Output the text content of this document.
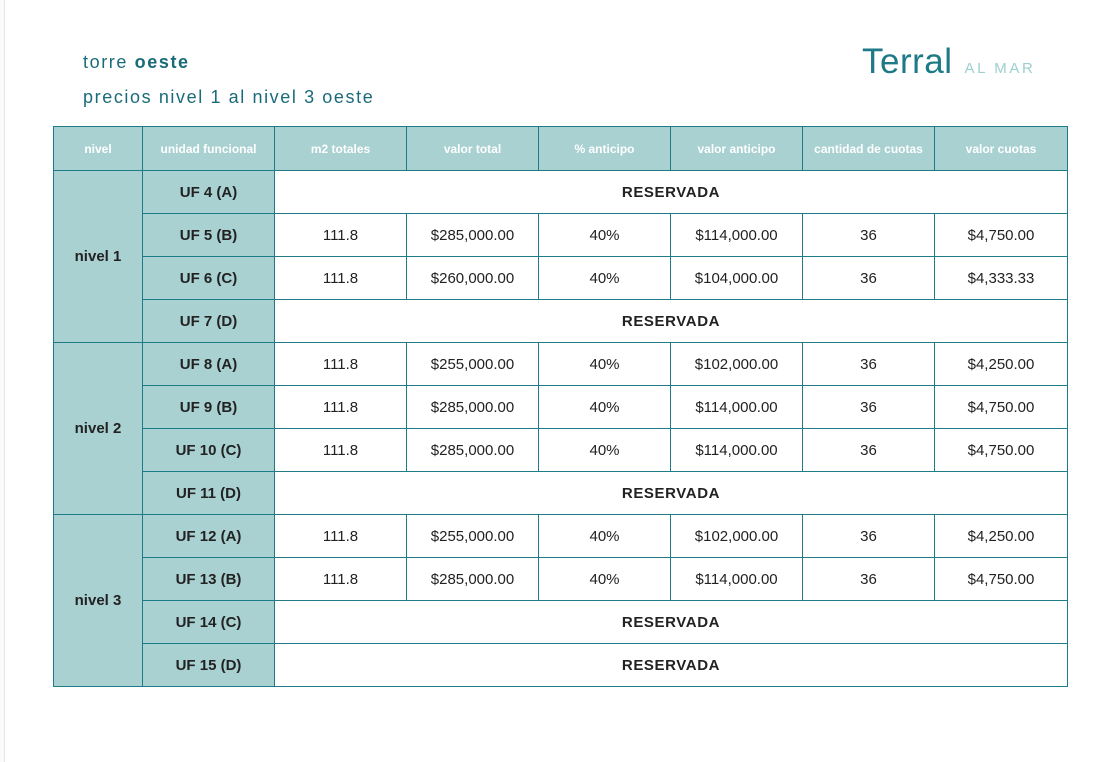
torre oeste
precios nivel 1 al nivel 3 oeste
Terral AL MAR
nivel	unidad funcional	m2 totales	valor total	% anticipo	valor anticipo	cantidad de cuotas	valor cuotas
nivel 1	UF 4 (A)	RESERVADA					
	UF 5 (B)	111.8	$285,000.00	40%	$114,000.00	36	$4,750.00
	UF 6 (C)	111.8	$260,000.00	40%	$104,000.00	36	$4,333.33
	UF 7 (D)	RESERVADA					
nivel 2	UF 8 (A)	111.8	$255,000.00	40%	$102,000.00	36	$4,250.00
	UF 9 (B)	111.8	$285,000.00	40%	$114,000.00	36	$4,750.00
	UF 10 (C)	111.8	$285,000.00	40%	$114,000.00	36	$4,750.00
	UF 11 (D)	RESERVADA					
nivel 3	UF 12 (A)	111.8	$255,000.00	40%	$102,000.00	36	$4,250.00
	UF 13 (B)	111.8	$285,000.00	40%	$114,000.00	36	$4,750.00
	UF 14 (C)	RESERVADA					
	UF 15 (D)	RESERVADA					
